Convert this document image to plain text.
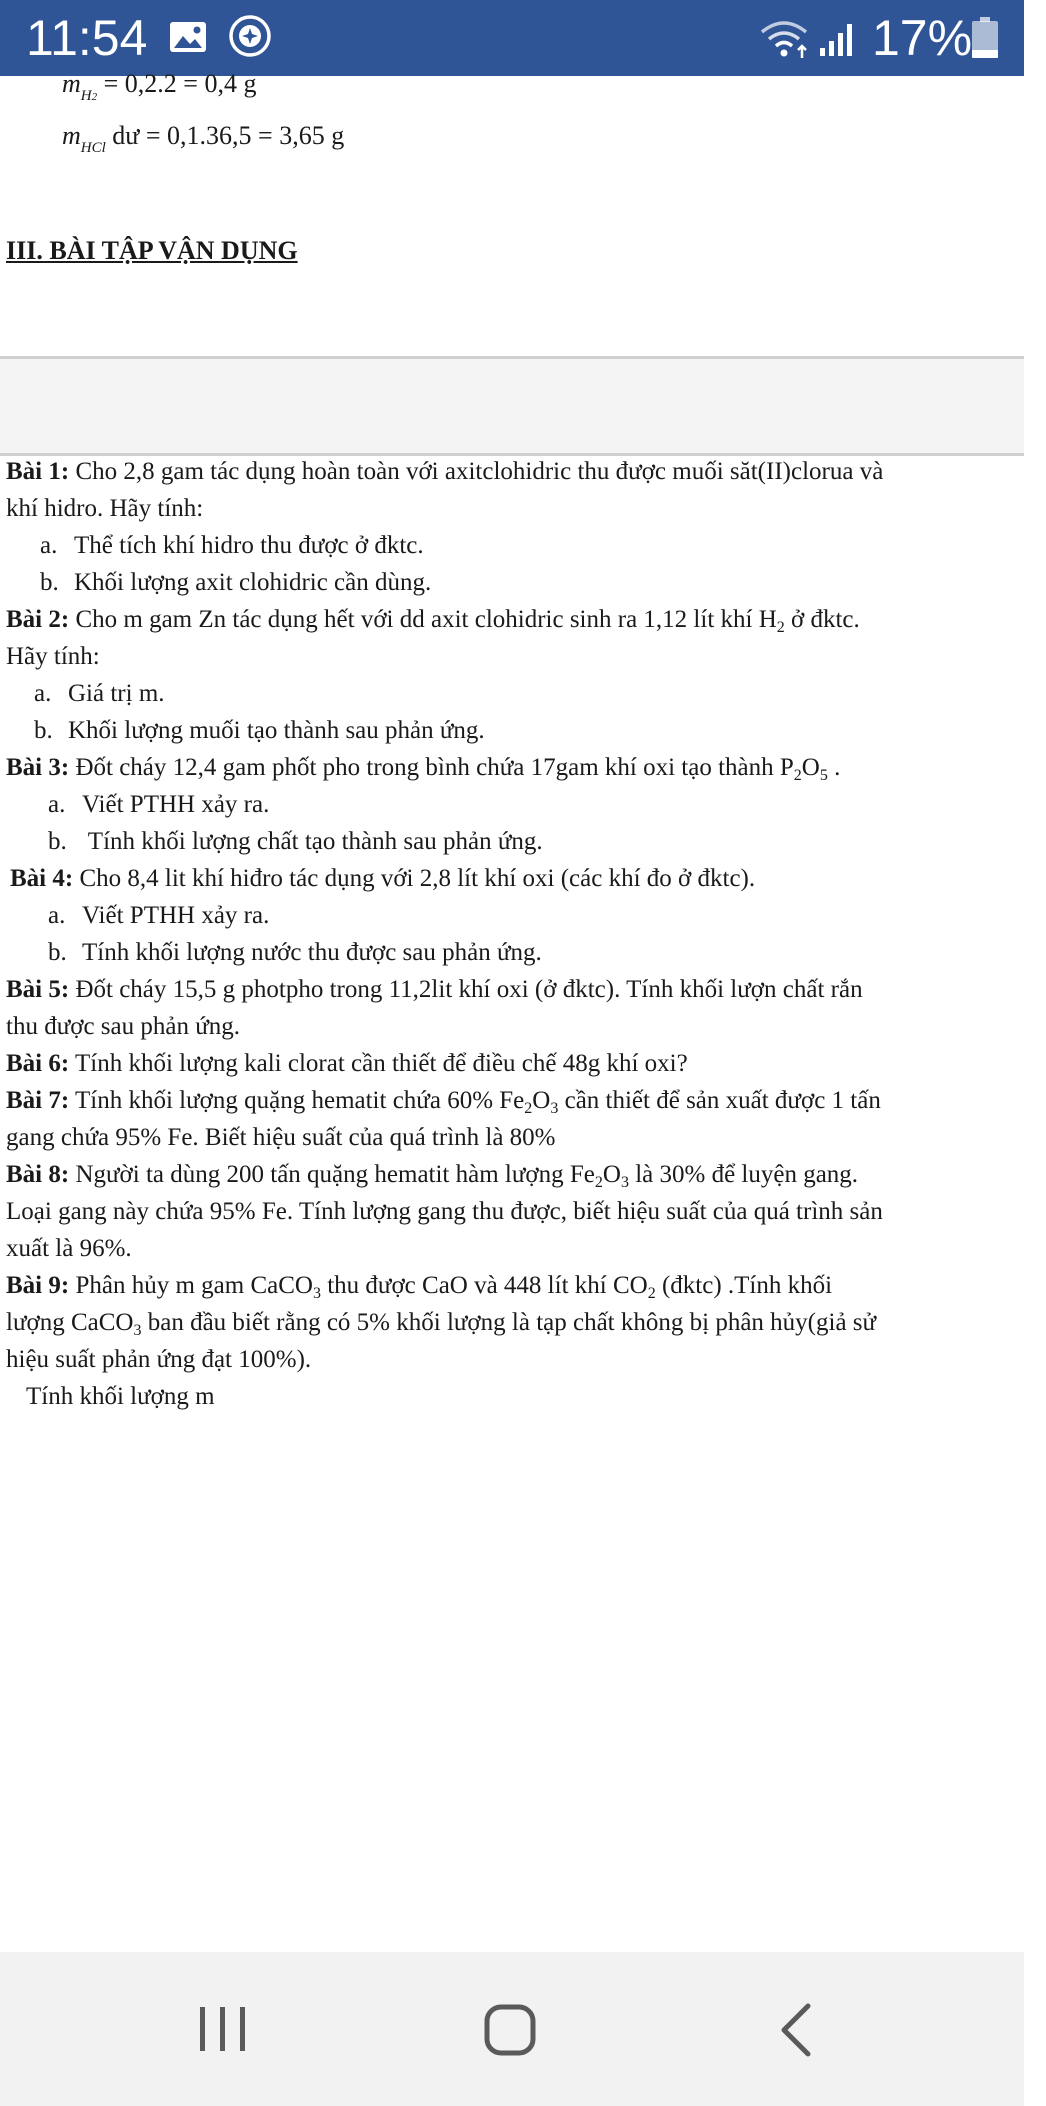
11:54	17%
$m_{H2} = 0,2.2 = 0,4$ g
$m_{HCl}$ dư = 0,1.36,5 = 3,65 g
III. BÀI TẬP VẬN DỤNG
Bài 1: Cho 2,8 gam tác dụng hoàn toàn với axitclohidric thu được muối săt(II)clorua và
khí hidro. Hãy tính:
a. Thể tích khí hidro thu được ở đktc.
b. Khối lượng axit clohidric cần dùng.
Bài 2: Cho m gam Zn tác dụng hết với dd axit clohidric sinh ra 1,12 lít khí $H_2$ ở đktc.
Hãy tính:
a. Giá trị m.
b. Khối lượng muối tạo thành sau phản ứng.
Bài 3: Đốt cháy 12,4 gam phốt pho trong bình chứa 17gam khí oxi tạo thành $P_2O_5$ .
a. Viết PTHH xảy ra.
b. Tính khối lượng chất tạo thành sau phản ứng.
Bài 4: Cho 8,4 lit khí hiđro tác dụng với 2,8 lít khí oxi (các khí đo ở đktc).
a. Viết PTHH xảy ra.
b. Tính khối lượng nước thu được sau phản ứng.
Bài 5: Đốt cháy 15,5 g photpho trong 11,2lit khí oxi (ở đktc). Tính khối lượn chất rắn
thu được sau phản ứng.
Bài 6: Tính khối lượng kali clorat cần thiết để điều chế 48g khí oxi?
Bài 7: Tính khối lượng quặng hematit chứa 60% $Fe_2O_3$ cần thiết để sản xuất được 1 tấn
gang chứa 95% Fe. Biết hiệu suất của quá trình là 80%
Bài 8: Người ta dùng 200 tấn quặng hematit hàm lượng $Fe_2O_3$ là 30% để luyện gang.
Loại gang này chứa 95% Fe. Tính lượng gang thu được, biết hiệu suất của quá trình sản
xuất là 96%.
Bài 9: Phân hủy m gam CaCO$_3$ thu được CaO và 448 lít khí $CO_2$ (đktc) .Tính khối
lượng CaCO$_3$ ban đầu biết rằng có 5% khối lượng là tạp chất không bị phân hủy(giả sử
hiệu suất phản ứng đạt 100%).
Tính khối lượng m
